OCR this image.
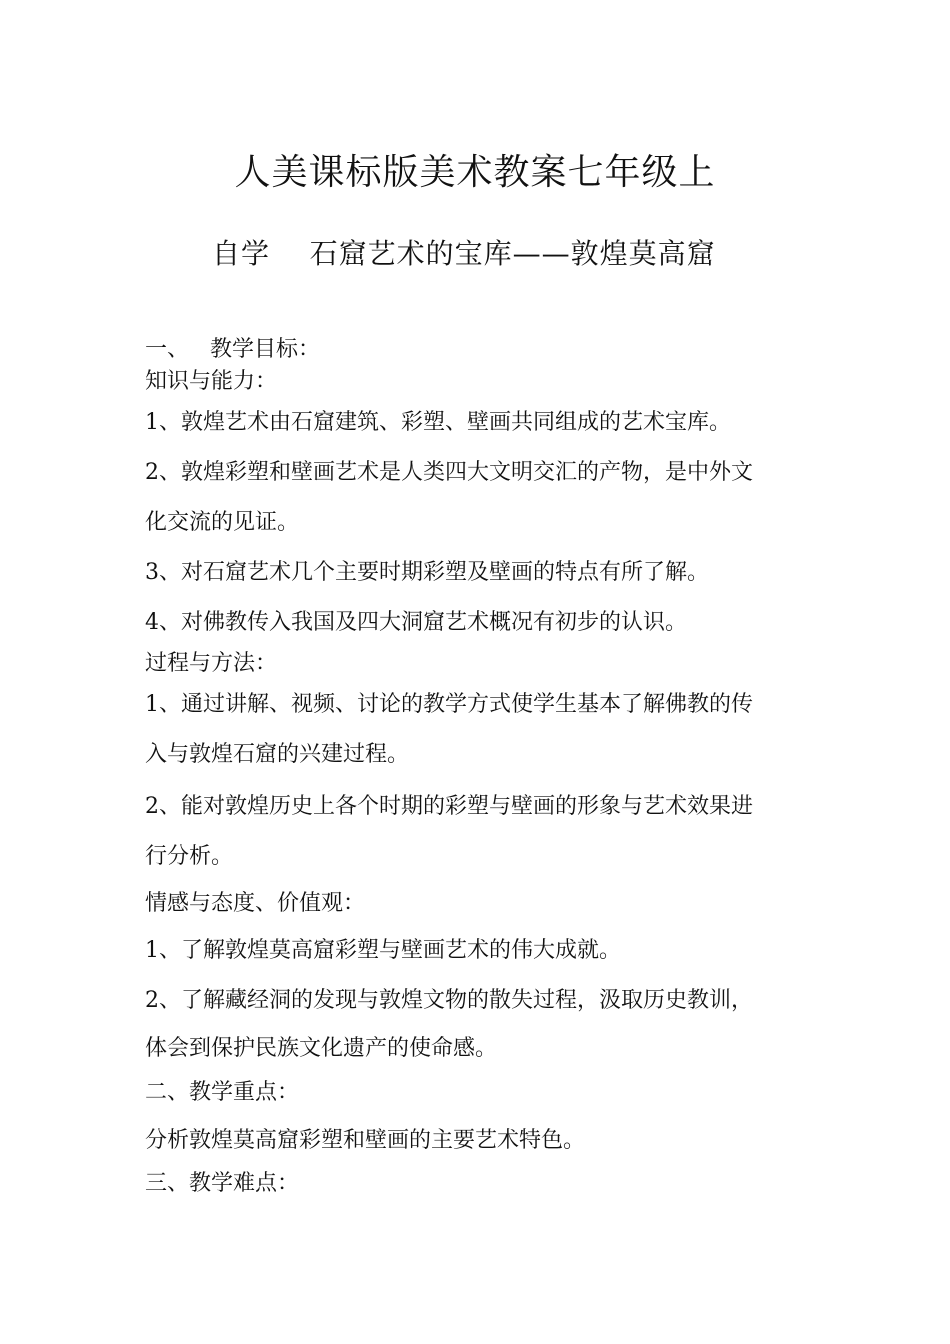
人美课标版美术教案七年级上
自学    石窟艺术的宝库——敦煌莫高窟
一、   教学目标：
知识与能力：
1、敦煌艺术由石窟建筑、彩塑、壁画共同组成的艺术宝库。
2、敦煌彩塑和壁画艺术是人类四大文明交汇的产物，是中外文
化交流的见证。
3、对石窟艺术几个主要时期彩塑及壁画的特点有所了解。
4、对佛教传入我国及四大洞窟艺术概况有初步的认识。
过程与方法：
1、通过讲解、视频、讨论的教学方式使学生基本了解佛教的传
入与敦煌石窟的兴建过程。
2、能对敦煌历史上各个时期的彩塑与壁画的形象与艺术效果进
行分析。
情感与态度、价值观：
1、了解敦煌莫高窟彩塑与壁画艺术的伟大成就。
2、了解藏经洞的发现与敦煌文物的散失过程，汲取历史教训，
体会到保护民族文化遗产的使命感。
二、教学重点：
分析敦煌莫高窟彩塑和壁画的主要艺术特色。
三、教学难点：
